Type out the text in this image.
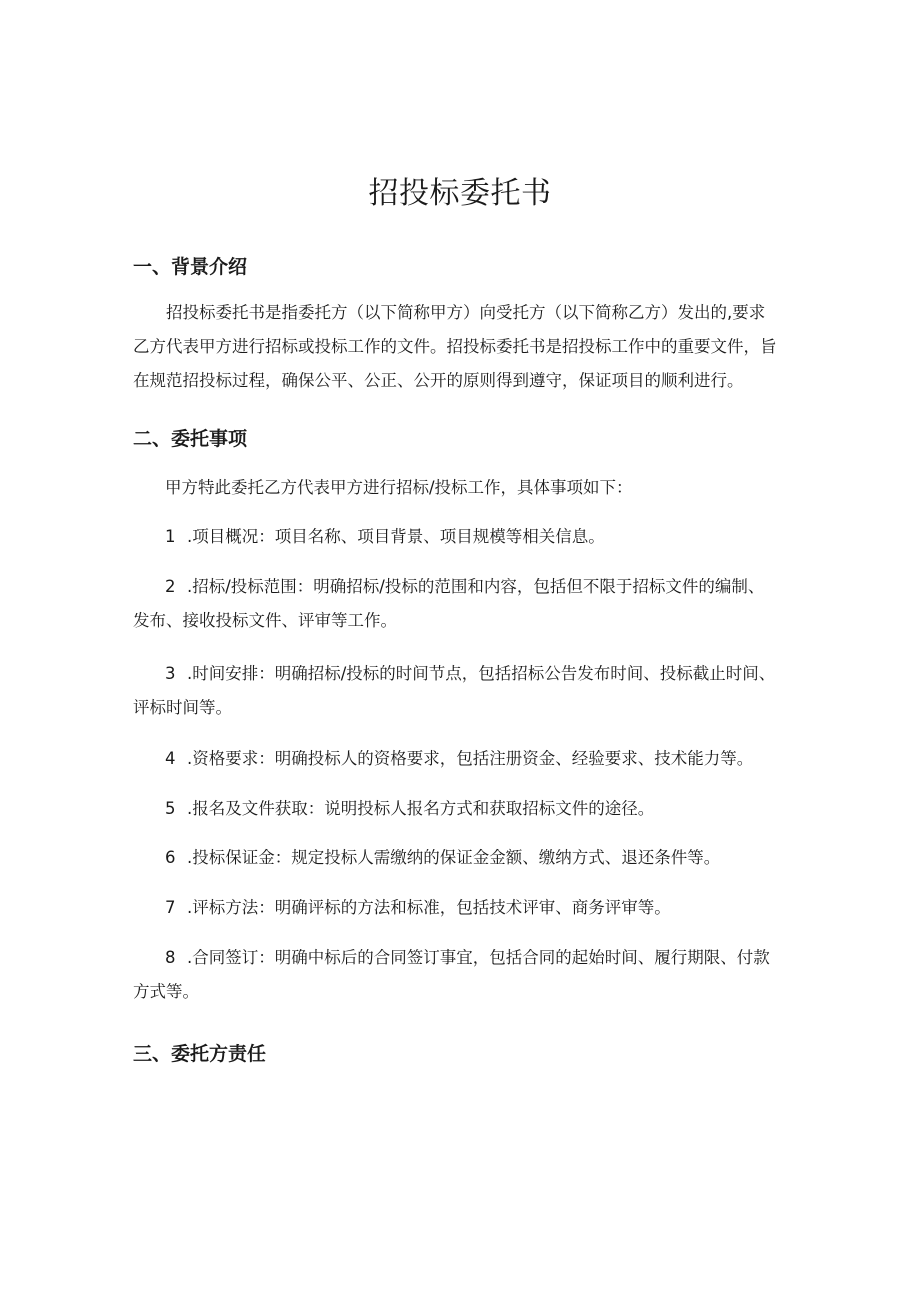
招投标委托书
一、背景介绍
招投标委托书是指委托方（以下简称甲方）向受托方（以下简称乙方）发出的,要求
乙方代表甲方进行招标或投标工作的文件。招投标委托书是招投标工作中的重要文件，旨
在规范招投标过程，确保公平、公正、公开的原则得到遵守，保证项目的顺利进行。
二、委托事项
甲方特此委托乙方代表甲方进行招标/投标工作，具体事项如下：
1 .项目概况：项目名称、项目背景、项目规模等相关信息。
2 .招标/投标范围：明确招标/投标的范围和内容，包括但不限于招标文件的编制、
发布、接收投标文件、评审等工作。
3 .时间安排：明确招标/投标的时间节点，包括招标公告发布时间、投标截止时间、
评标时间等。
4 .资格要求：明确投标人的资格要求，包括注册资金、经验要求、技术能力等。
5 .报名及文件获取：说明投标人报名方式和获取招标文件的途径。
6 .投标保证金：规定投标人需缴纳的保证金金额、缴纳方式、退还条件等。
7 .评标方法：明确评标的方法和标准，包括技术评审、商务评审等。
8 .合同签订：明确中标后的合同签订事宜，包括合同的起始时间、履行期限、付款
方式等。
三、委托方责任
